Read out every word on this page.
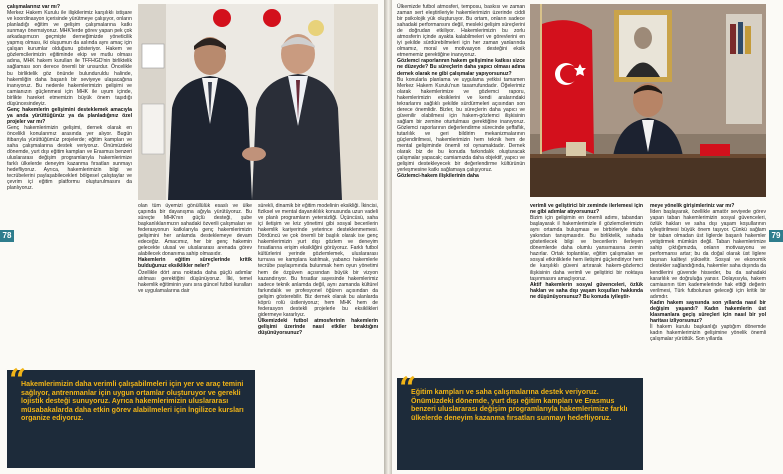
çalışmalarınız var mı?

Merkez Hakem Kurulu ile ilişkilerimiz karşılıklı istişare ve koordinasyon içerisinde yürütmeye çalışıyor, onların planladığı eğitim ve gelişim çalışmalarına katkı sunmayı önemsiyoruz. MHK'lerde görev yapan pek çok arkadaşımızın geçmişte derneğimizde yöneticilik yapmış olması, iki oluşumun da aslında aynı amaç için çalışan kurumlar olduğunu gösteriyor. Hakem ve gözlemcilerimizin eğitiminde ekip ve mutlu olması adına, MHK hakem kurulları ile TFFHGD'nin birliktelik sağlaması son derece önemli bir unsurdur. Öncelikle bu birliktelik göz önünde bulunduruldu halinde, hakemliğin daha başarılı bir seviyeye ulaşacağına inanıyoruz. Bu nedenle hakemlerimizin gelişimi ve camianızın güçlenmesi için MHK ile uyum içinde, birlikte hareket etmemizin büyük önem taşıdığı düşüncesindeyiz.

Genç hakemlerin gelişimini desteklemek amacıyla ya anda yürüttüğünüz ya da planladığınız özel projeler var mı?

Genç hakemlerimizin gelişimi, dernek olarak en öncelikli konularımız arasında yer alıyor. Bugün itibarıyla yürüttüğümüz projelerde; eğitim kampları ve saha çalışmalarına destek veriyoruz. Önümüzdeki dönemde, yurt dışı eğitim kampları ve Erasmus benzeri uluslararası değişim programlarıyla hakemlerimize farklı ülkelerde deneyim kazanma fırsatları sunmayı hedefliyoruz. Ayrıca, hakemlerimizin bilgi ve tecrübelerini paylaşabilecekleri bölgesel çalıştaylar ve çevrim içi eğitim platformu oluşturulmasını da planlıyoruz.

olan tüm üyemizi gönüllülük esaslı ve ülke çapında bir dayanışma ağıyla yürütüyoruz. Bu süreçte MHK'nın güçlü desteği, şube başkanlıklarımızın sahadaki özverili çalışmaları ve federasyonun katkılarıyla genç hakemlerimizin gelişimini her anlamda desteklemeye devam edeceğiz. Amacımız, her bir genç hakemin gelecekte ulusal ve uluslararası arenada görev alabilecek donanıma sahip olmasıdır.

Hakemlerin eğitim süreçlerinde kritik bulduğunuz eksiklikler neler?

Özellikle dört ana noktada daha güçlü adımlar atılması gerektiğini düşünüyoruz. İlki, temel hakemlik eğitiminin yanı sıra güncel futbol kuralları ve uygulamalarına dair

sürekli, dinamik bir eğitim modelinin eksikliği. İkincisi, fiziksel ve mental dayanıklılık konusunda uzun vadeli ve planlı programların yetersizliği. Üçüncüsü, saha içi iletişim ve kriz yönetimi gibi sosyal becerilerin hakemlik kariyerinde yeterince desteklenmemesi. Dördüncü ve çok önemli bir başlık olarak ise genç hakemlerimizin yurt dışı gözlem ve deneyim fırsatlarına erişim eksikliğini görüyoruz. Farklı futbol kültürlerini yerinde gözlemlemek, uluslararası turnuva ve kamplara katılmak, yabancı hakemlerle tecrübe paylaşımında bulunmak hem oyun yönetimi hem de özgüven açısından büyük bir vizyon kazandırıyor. Bu fırsatlar sayesinde hakemlerimiz sadece teknik anlamda değil, aynı zamanda kültürel farkındalık ve profesyonel öğüren açısından da gelişim gösterebilir. Biz dernek olarak bu alanlarda köprü rolü üstleniyoruz; hem MHK hem de federasyon destekli projelerle bu eksiklikleri gidermeye kararlıyız.

Ülkemizdeki futbol atmosferinin hakemlerin gelişimi üzerinde nasıl etkiler bıraktığını düşünüyorsunuz?

78
“
Hakemlerimizin daha verimli çalışabilmeleri için yer ve araç temini sağlıyor, antrenmanlar için uygun ortamlar oluşturuyor ve gerekli lojistik desteği sunuyoruz. Ayrıca hakemlerimizin uluslararası müsabakalarda daha etkin görev alabilmeleri için İngilizce kursları organize ediyoruz.

Ülkemizde futbol atmosferi, temposu, baskısı ve zaman zaman sert eleştirileriyle hakemlerimizin üzerinde ciddi bir psikolojik yük oluşturuyor. Bu ortam, onların sadece sahadaki performansını değil, mesleki gelişim süreçlerini de doğrudan etkiliyor. Hakemlerimizin bu zorlu atmosferin içinde ayakta kalabilmeleri ve görevlerini en iyi şekilde sürdürebilmeleri için her zaman yanlarında olmamız, moral ve motivasyon desteğini eksik etmememiz gerektiğine inanıyoruz.

Gözlemci raporlarının hakem gelişimine katkısı sizce ne düzeyde? Bu süreçlerin daha yapıcı olması adına dernek olarak ne gibi çalışmalar yapıyorsunuz?

Bu konularla planlama ve uygulama yetkisi tamamen Merkez Hakem Kurulu'nun tasarrufundadır. Öğelerimiz olarak hakemlerimize ve gözlemci raporu, hakemlerimizin eksiklerini ve kendi aralarındaki tekrarlarını sağlıklı şekilde sürdürmeleri açısından son derece önemlidir. Bizler, bu süreçlerin daha yapıcı ve güvenilir olabilmesi için hakem-gözlemci ilişkisinin sağlam bir zemine oturtulması gerektiğine inanıyoruz. Gözlemci raporlarının değerlendirme sürecinde şeffaflık, tutarlılık ve geri bildirim mekanizmalarının güçlendirilmesi, hakemlerimizin hem teknik hem de mental gelişiminde önemli rol oynamaktadır. Dernek olarak biz de bu konuda farkındalık oluşturacak çalışmalar yapacak; camiamızda daha objektif, yapıcı ve gelişimi destekleyecek bir değerlendirme kültürünün yerleşmesine katkı sağlamaya çalışıyoruz.

Gözlemci-hakem ilişkilerinin daha

verimli ve geliştirici bir zeminde ilerlemesi için ne gibi adımlar atıyorsunuz?

Bizim için gelişimin en önemli adımı, tabandan başlayarak il hakemlerimizle il gözlemcilerimizin aynı ortamda buluşması ve birbirleriyle daha yakından tanışmasıdır. Bu birliktelik, sahada gösterilecek bilgi ve becerilerin ilerleyen dönemlerde daha olumlu yansımasına zemin hazırlar. Ortak toplantılar, eğitim çalışmaları ve sosyal etkinliklerle hem iletişimi güçlendiriyor hem de karşılıklı güveni artırarak hakem-gözlemci ilişkisinin daha verimli ve geliştirici bir noktaya taşınmasını amaçlıyoruz.

Aktif hakemlerin sosyal güvenceleri, özlük hakları ve saha dışı yaşam koşulları hakkında ne düşünüyorsunuz? Bu konuda iyileştir-

meye yönelik girişimleriniz var mı?

İlden başlayarak, özellikle amatör seviyede görev yapan taban hakemlerimizin sosyal güvenceleri, özlük hakları ve saha dışı yaşam koşullarının iyileştirilmesi büyük önem taşıyor. Çünkü sağlam bir taban olmadan üst liglerde başarılı hakemler yetiştirmek mümkün değil. Taban hakemlerimize sahip çıktığımızda, onların motivasyonu ve performansı artar; bu da doğal olarak üst liglere taşınan kaliteyi yükseltir. Sosyal ve ekonomik destekler sağlandığında, hakemler saha dışında da kendilerini güvende hisseder, bu da sahadaki kararlılık ve doğruluğa yansır. Dolayısıyla, hakem camiasının tüm kademelerinde hak ettiği değerin verilmesi, Türk futbolunun geleceği için kritik bir adımdır.

Kadın hakem sayısında son yıllarda nasıl bir değişim yaşandı? Kadın hakemlerin üst klasmanlara geçiş süreçleri için nasıl bir yol haritası izliyorsunuz?

İl hakem kurulu başkanlığı yaptığım dönemde kadın hakemlerimizin gelişimine yönelik önemli çalışmalar yürüttük. Son yıllarda

79
“
Eğitim kampları ve saha çalışmalarına destek veriyoruz. Önümüzdeki dönemde, yurt dışı eğitim kampları ve Erasmus benzeri uluslararası değişim programlarıyla hakemlerimize farklı ülkelerde deneyim kazanma fırsatları sunmayı hedefliyoruz.
